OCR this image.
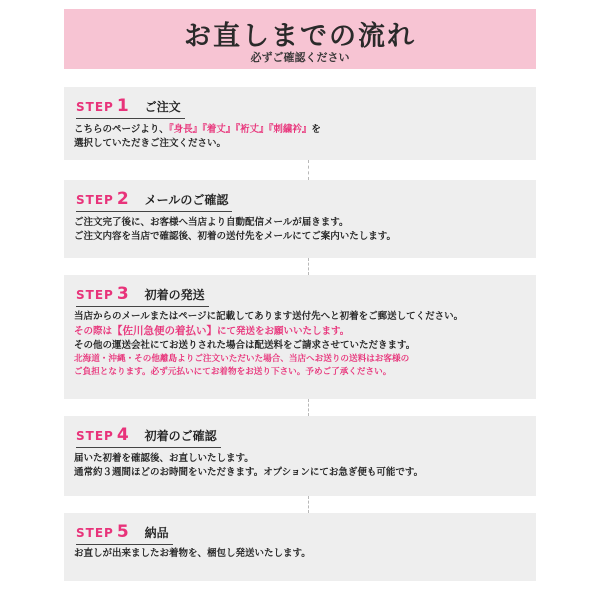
お直しまでの流れ
必ずご確認ください
STEP 1 ご注文
こちらのページより、『身長』『着丈』『裄丈』『刺繍衿』を
選択していただきご注文ください。
STEP 2 メールのご確認
ご注文完了後に、お客様へ当店より自動配信メールが届きます。
ご注文内容を当店で確認後、初着の送付先をメールにてご案内いたします。
STEP 3 初着の発送
当店からのメールまたはページに記載してあります送付先へと初着をご郵送してください。
その際は【佐川急便の着払い】にて発送をお願いいたします。
その他の運送会社にてお送りされた場合は配送料をご請求させていただきます。
北海道・沖縄・その他離島よりご注文いただいた場合、当店へお送りの送料はお客様の
ご負担となります。必ず元払いにてお着物をお送り下さい。予めご了承ください。
STEP 4 初着のご確認
届いた初着を確認後、お直しいたします。
通常約３週間ほどのお時間をいただきます。オプションにてお急ぎ便も可能です。
STEP 5 納品
お直しが出来ましたお着物を、梱包し発送いたします。
